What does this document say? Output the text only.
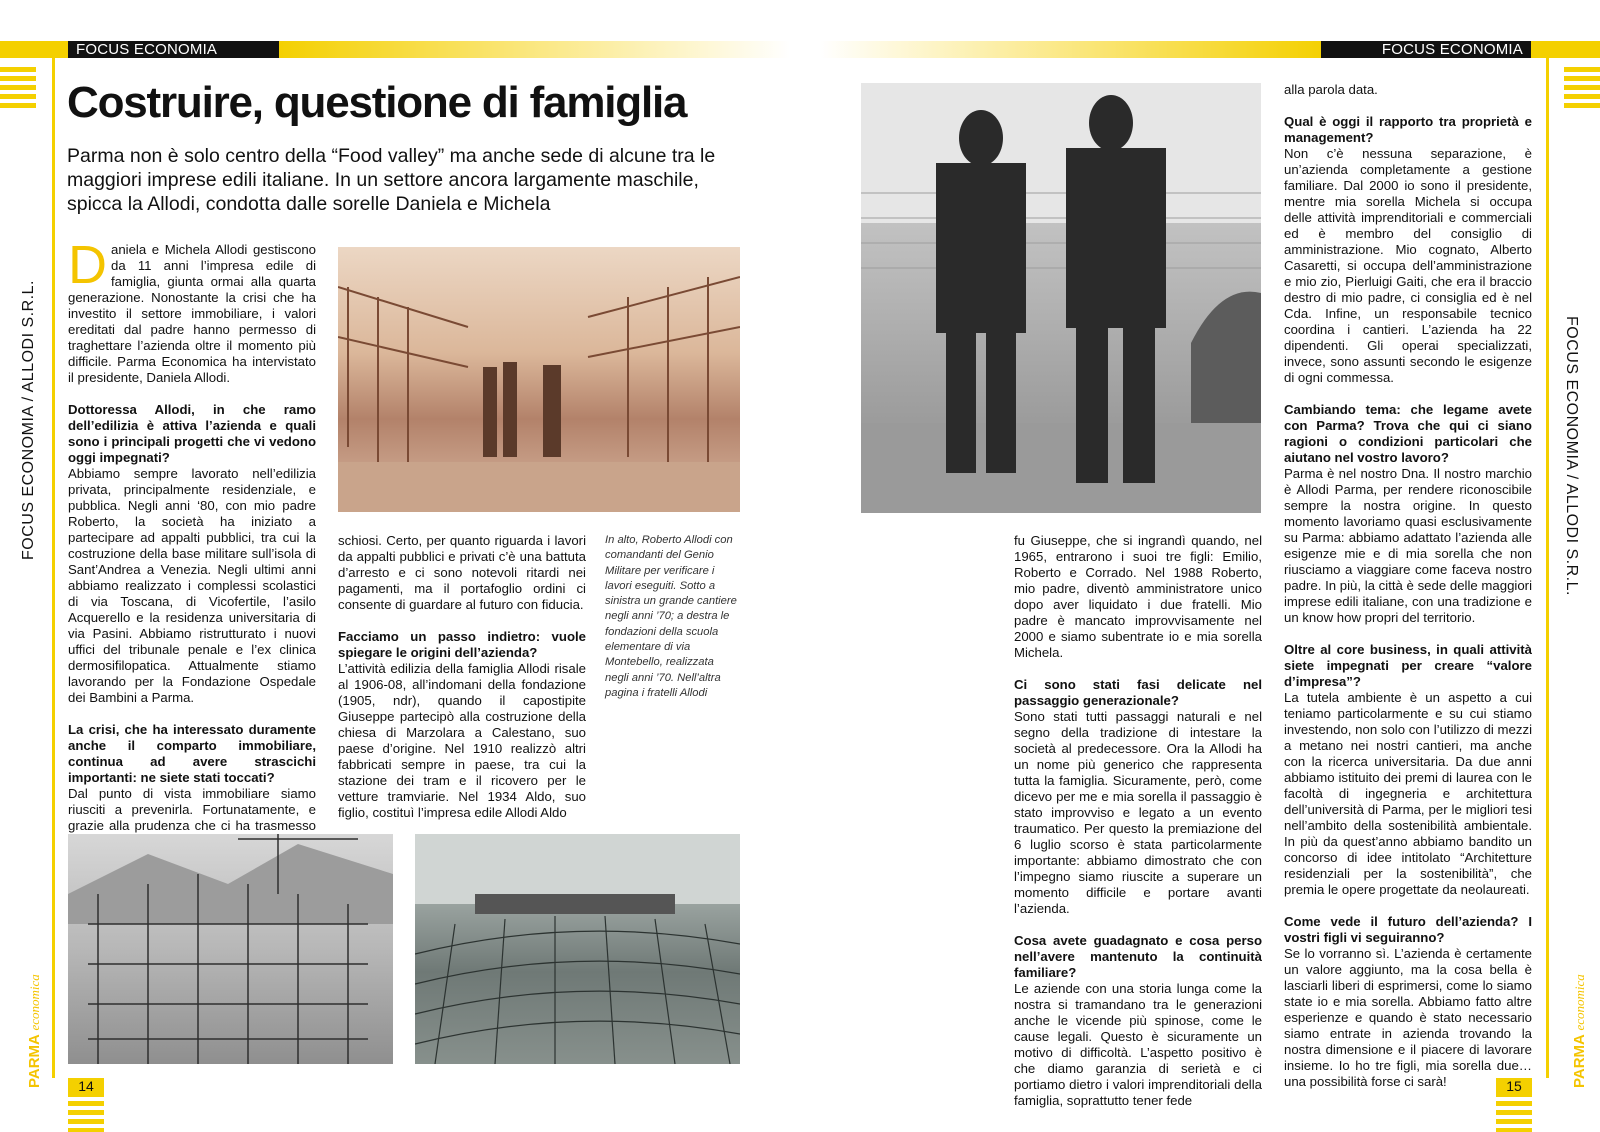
FOCUS ECONOMIA	FOCUS ECONOMIA
FOCUS ECONOMIA / ALLODI S.R.L.	FOCUS ECONOMIA / ALLODI S.R.L.
PARMA economica
PARMA economica
14	15
Costruire, questione di famiglia

Parma non è solo centro della “Food valley” ma anche sede di alcune tra le maggiori imprese edili italiane. In un settore ancora largamente maschile, spicca la Allodi, condotta dalle sorelle Daniela e Michela

Daniela e Michela Allodi gestiscono da 11 anni l’impresa edile di famiglia, giunta ormai alla quarta generazione. Nonostante la crisi che ha investito il settore immobiliare, i valori ereditati dal padre hanno permesso di traghettare l’azienda oltre il momento più difficile. Parma Economica ha intervistato il presidente, Daniela Allodi.

Dottoressa Allodi, in che ramo dell’edilizia è attiva l’azienda e quali sono i principali progetti che vi vedono oggi impegnati?

Abbiamo sempre lavorato nell’edilizia privata, principalmente residenziale, e pubblica. Negli anni ‘80, con mio padre Roberto, la società ha iniziato a partecipare ad appalti pubblici, tra cui la costruzione della base militare sull’isola di Sant’Andrea a Venezia. Negli ultimi anni abbiamo realizzato i complessi scolastici di via Toscana, di Vicofertile, l’asilo Acquerello e la residenza universitaria di via Pasini. Abbiamo ristrutturato i nuovi uffici del tribunale penale e l’ex clinica dermosifilopatica. Attualmente stiamo lavorando per la Fondazione Ospedale dei Bambini a Parma.

La crisi, che ha interessato duramente anche il comparto immobiliare, continua ad avere strascichi importanti: ne siete stati toccati?

Dal punto di vista immobiliare siamo riusciti a prevenirla. Fortunatamente, e grazie alla prudenza che ci ha trasmesso

schiosi. Certo, per quanto riguarda i lavori da appalti pubblici e privati c’è una battuta d’arresto e ci sono notevoli ritardi nei pagamenti, ma il portafoglio ordini ci consente di guardare al futuro con fiducia.

Facciamo un passo indietro: vuole spiegare le origini dell’azienda?

L’attività edilizia della famiglia Allodi risale al 1906-08, all’indomani della fondazione (1905, ndr), quando il capostipite Giuseppe partecipò alla costruzione della chiesa di Marzolara a Calestano, suo paese d’origine. Nel 1910 realizzò altri fabbricati sempre in paese, tra cui la stazione dei tram e il ricovero per le vetture tramviarie. Nel 1934 Aldo, suo figlio, costituì l’impresa edile Allodi Aldo

In alto, Roberto Allodi con comandanti del Genio Militare per verificare i lavori eseguiti. Sotto a sinistra un grande cantiere negli anni ’70; a destra le fondazioni della scuola elementare di via Montebello, realizzata negli anni ’70. Nell’altra pagina i fratelli Allodi

fu Giuseppe, che si ingrandì quando, nel 1965, entrarono i suoi tre figli: Emilio, Roberto e Corrado. Nel 1988 Roberto, mio padre, diventò amministratore unico dopo aver liquidato i due fratelli. Mio padre è mancato improvvisamente nel 2000 e siamo subentrate io e mia sorella Michela.

Ci sono stati fasi delicate nel passaggio generazionale?

Sono stati tutti passaggi naturali e nel segno della tradizione di intestare la società al predecessore. Ora la Allodi ha un nome più generico che rappresenta tutta la famiglia. Sicuramente, però, come dicevo per me e mia sorella il passaggio è stato improvviso e legato a un evento traumatico. Per questo la premiazione del 6 luglio scorso è stata particolarmente importante: abbiamo dimostrato che con l’impegno siamo riuscite a superare un momento difficile e portare avanti l’azienda.

Cosa avete guadagnato e cosa perso nell’avere mantenuto la continuità familiare?

Le aziende con una storia lunga come la nostra si tramandano tra le generazioni anche le vicende più spinose, come le cause legali. Questo è sicuramente un motivo di difficoltà. L’aspetto positivo è che diamo garanzia di serietà e ci portiamo dietro i valori imprenditoriali della famiglia, soprattutto tener fede

alla parola data.

Qual è oggi il rapporto tra proprietà e management?

Non c’è nessuna separazione, è un’azienda completamente a gestione familiare. Dal 2000 io sono il presidente, mentre mia sorella Michela si occupa delle attività imprenditoriali e commerciali ed è membro del consiglio di amministrazione. Mio cognato, Alberto Casaretti, si occupa dell’amministrazione e mio zio, Pierluigi Gaiti, che era il braccio destro di mio padre, ci consiglia ed è nel Cda. Infine, un responsabile tecnico coordina i cantieri. L’azienda ha 22 dipendenti. Gli operai specializzati, invece, sono assunti secondo le esigenze di ogni commessa.

Cambiando tema: che legame avete con Parma? Trova che qui ci siano ragioni o condizioni particolari che aiutano nel vostro lavoro?

Parma è nel nostro Dna. Il nostro marchio è Allodi Parma, per rendere riconoscibile sempre la nostra origine. In questo momento lavoriamo quasi esclusivamente su Parma: abbiamo adattato l’azienda alle esigenze mie e di mia sorella che non riusciamo a viaggiare come faceva nostro padre. In più, la città è sede delle maggiori imprese edili italiane, con una tradizione e un know how propri del territorio.

Oltre al core business, in quali attività siete impegnati per creare “valore d’impresa”?

La tutela ambiente è un aspetto a cui teniamo particolarmente e su cui stiamo investendo, non solo con l’utilizzo di mezzi a metano nei nostri cantieri, ma anche con la ricerca universitaria. Da due anni abbiamo istituito dei premi di laurea con le facoltà di ingegneria e architettura dell’università di Parma, per le migliori tesi nell’ambito della sostenibilità ambientale. In più da quest’anno abbiamo bandito un concorso di idee intitolato “Architetture residenziali per la sostenibilità”, che premia le opere progettate da neolaureati.

Come vede il futuro dell’azienda? I vostri figli vi seguiranno?

Se lo vorranno sì. L’azienda è certamente un valore aggiunto, ma la cosa bella è lasciarli liberi di esprimersi, come lo siamo state io e mia sorella. Abbiamo fatto altre esperienze e quando è stato necessario siamo entrate in azienda trovando la nostra dimensione e il piacere di lavorare insieme. Io ho tre figli, mia sorella due… una possibilità forse ci sarà!
